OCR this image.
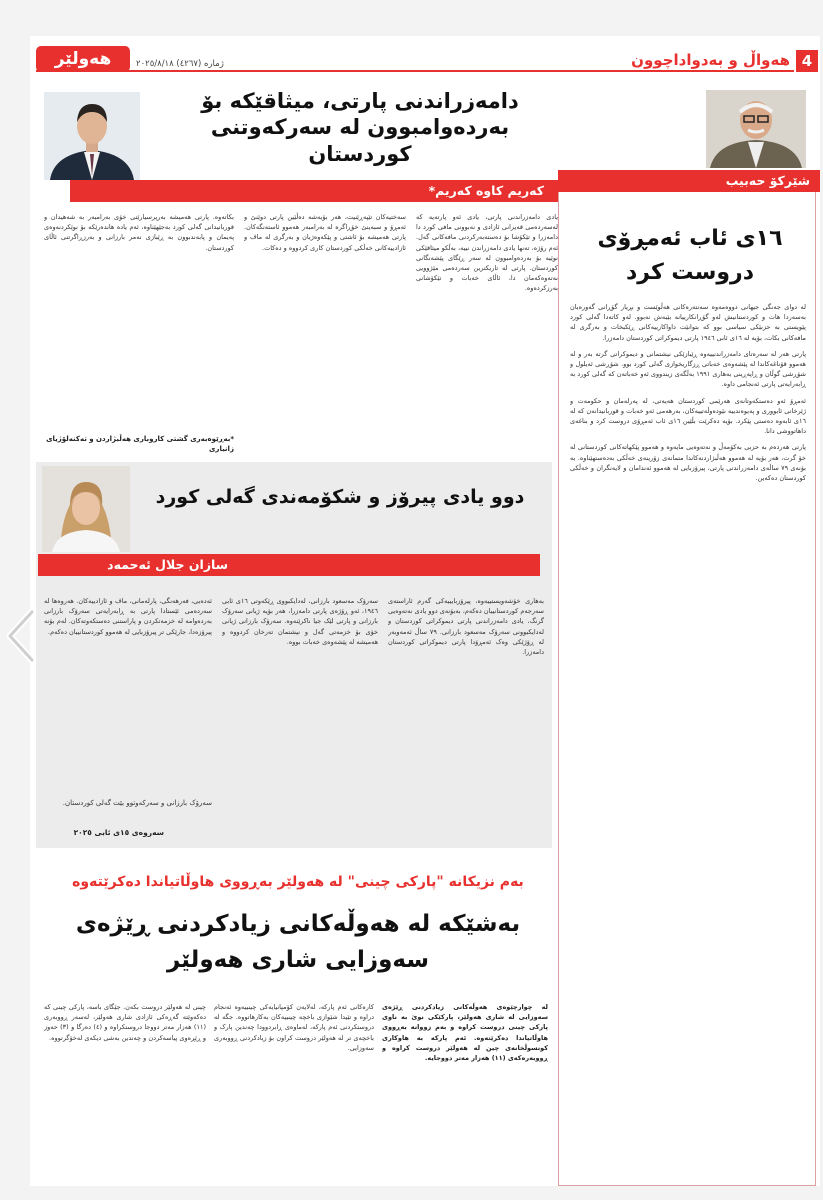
4
هەواڵ و بەدواداچوون
هەولێر	ژمارە (٤٢٦٧) ٢٠٢٥/٨/١٨
دامەزراندنی پارتی، میثاقێکە بۆ بەردەوامبوون لە سەرکەوتنی کوردستان
کەریم کاوە کەریم*
یادی دامەزراندنی پارتی، یادی ئەو پارتەیە کە لەسەردەمی قەیرانی ئازادی و نەبوونی مافی کورد دا دامەزرا و تێکۆشا بۆ دەستەبەرکردنی مافەکانی گەل. ئەم رۆژە، تەنها یادی دامەزراندن نییە، بەڵکو میثاقێکی نوێیە بۆ بەردەوامبوون لە سەر ڕێگای پێشەنگانی کوردستان. پارتی لە تاریکترین سەردەمی مێژوویی نەتەوەکەمان دا، ئاڵای خەبات و تێکۆشانی بەرزکردەوە.
سەختیەکان تێپەڕێنیت، هەر بۆیەشە دەڵێین پارتی دوێنێ و ئەمڕۆ و سبەینێ خۆڕاگرە لە بەرامبەر هەموو ئاستەنگەکان. پارتی هەمیشە بۆ ئاشتی و پێکەوەژیان و بەرگری لە ماف و ئازادییەکانی خەڵکی کوردستان کاری کردووە و دەکات.
بکاتەوە. پارتی هەمیشە بەرپرسیارێتی خۆی بەرامبەر بە شەهیدان و قوربانیدانی گەلی کورد بەجێهێناوە، ئەم یادە هاندەرێکە بۆ نوێکردنەوەی پەیمان و پابەندبوون بە ڕێبازی نەمر بارزانی و بەرزڕاگرتنی ئاڵای کوردستان.
*بەڕێوەبەری گشتی کاروباری هەڵبژاردن و تەکنەلۆژیای زانیاری
شێرکۆ حەبیب
١٦ی ئاب ئەمڕۆی دروست کرد
لە دوای جەنگی جیهانی دووەمەوە سەنتەرەکانی هەڵوێست و بڕیار گۆڕانی گەورەیان بەسەردا هات و کوردستانیش لەو گۆڕانکارییانە بێبەش نەبوو. لەو کاتەدا گەلی کورد پێویستی بە حزبێکی سیاسی بوو کە بتوانێت داواکارییەکانی ڕێکبخات و بەرگری لە مافەکانی بکات، بۆیە لە ١٦ی ئابی ١٩٤٦ پارتی دیموکراتی کوردستان دامەزرا.
پارتی هەر لە سەرەتای دامەزراندنییەوە ڕێبازێکی نیشتمانی و دیموکراتی گرتە بەر و لە هەموو قۆناغەکاندا لە پێشەوەی خەباتی ڕزگاریخوازی گەلی کورد بوو. شۆڕشی ئەیلول و شۆڕشی گوڵان و ڕاپەڕینی بەهاری ١٩٩١ بەڵگەی زیندووی ئەو خەباتەن کە گەلی کورد بە ڕابەرایەتی پارتی ئەنجامی داوە.
ئەمڕۆ ئەو دەستکەوتانەی هەرێمی کوردستان هەیەتی، لە پەرلەمان و حکومەت و ژێرخانی ئابووری و پەیوەندییە نێودەوڵەتییەکان، بەرهەمی ئەو خەبات و قوربانیدانەن کە لە ١٦ی ئابەوە دەستی پێکرد. بۆیە دەکرێت بڵێین ١٦ی ئاب ئەمڕۆی دروست کرد و بناغەی داهاتووشی دانا.
پارتی هەردەم بە حزبی بەکۆمەڵ و نەتەوەیی مایەوە و هەموو پێکهاتەکانی کوردستانی لە خۆ گرت، هەر بۆیە لە هەموو هەڵبژاردنەکاندا متمانەی زۆرینەی خەڵکی بەدەستهێناوە. بە بۆنەی ٧٩ ساڵەی دامەزراندنی پارتی، پیرۆزبایی لە هەموو ئەندامان و لایەنگران و خەڵکی کوردستان دەکەین.
دوو یادی پیرۆز و شکۆمەندی گەلی کورد
سازان جلال ئەحمەد
بەهاری خۆشەویستییەوە، پیرۆزبایییەکی گەرم ئاراستەی سەرجەم کوردستانییان دەکەم، بەبۆنەی دوو یادی نەتەوەیی گرنگ، یادی دامەزراندنی پارتی دیموکراتی کوردستان و لەدایکبوونی سەرۆک مەسعود بارزانی. ٧٩ ساڵ ئەمەوبەر لە ڕۆژێکی وەک ئەمڕۆدا پارتی دیموکراتی کوردستان دامەزرا.
سەرۆک مەسعود بارزانی، لەدایکبووی ڕێکەوتی ١٦ی ئابی ١٩٤٦، ئەو ڕۆژەی پارتی دامەزرا، هەر بۆیە ژیانی سەرۆک بارزانی و پارتی لێک جیا ناکرێنەوە. سەرۆک بارزانی ژیانی خۆی بۆ خزمەتی گەل و نیشتمان تەرخان کردووە و هەمیشە لە پێشەوەی خەبات بووە.
ئەدەبی، فەرهەنگی، پارلەمانی، ماف و ئازادییەکان. هەروەها لە سەردەمی ئێستادا پارتی بە ڕابەرایەتی سەرۆک بارزانی بەردەوامە لە خزمەتکردن و پاراستنی دەستکەوتەکان. لەم بۆنە پیرۆزەدا، جارێکی تر پیرۆزبایی لە هەموو کوردستانییان دەکەم.
سەرۆک بارزانی و سەرکەوتوو بێت گەلی کوردستان.
سەروەی ١٥ی ئابی ٢٠٢٥
بەم نزیکانە "پارکی چینی" لە هەولێر بەڕووی هاوڵاتیاندا دەکرێتەوە
بەشێکە لە هەوڵەکانی زیادکردنی ڕێژەی سەوزایی شاری هەولێر
لە چوارچێوەی هەوڵەکانی زیادکردنی ڕێژەی سەوزایی لە شاری هەولێر، پارکێکی نوێ بە ناوی پارکی چینی دروست کراوە و بەم زووانە بەڕووی هاوڵاتیاندا دەکرێتەوە. ئەم پارکە بە هاوکاری کونسوڵخانەی چین لە هەولێر دروست کراوە و ڕووبەرەکەی (١١) هەزار مەتر دووجایە.
کارەکانی ئەم پارکە، لەلایەن کۆمپانیایەکی چینییەوە ئەنجام دراوە و تێیدا شێوازی باخچە چینییەکان بەکارهاتووە. جگە لە دروستکردنی ئەم پارکە، لەماوەی ڕابردوودا چەندین پارک و باخچەی تر لە هەولێر دروست کراون بۆ زیادکردنی ڕووبەری سەوزایی.
چینی لە هەولێر دروست بکەن. جێگای باسە، پارکی چینی کە دەکەوێتە گەڕەکی ئازادی شاری هەولێر، لەسەر ڕووبەری (١١) هەزار مەتر دووجا دروستکراوە و (٤) دەرگا و (٣) حەوز و ڕێڕەوی پیاسەکردن و چەندین بەشی دیکەی لەخۆگرتووە.
